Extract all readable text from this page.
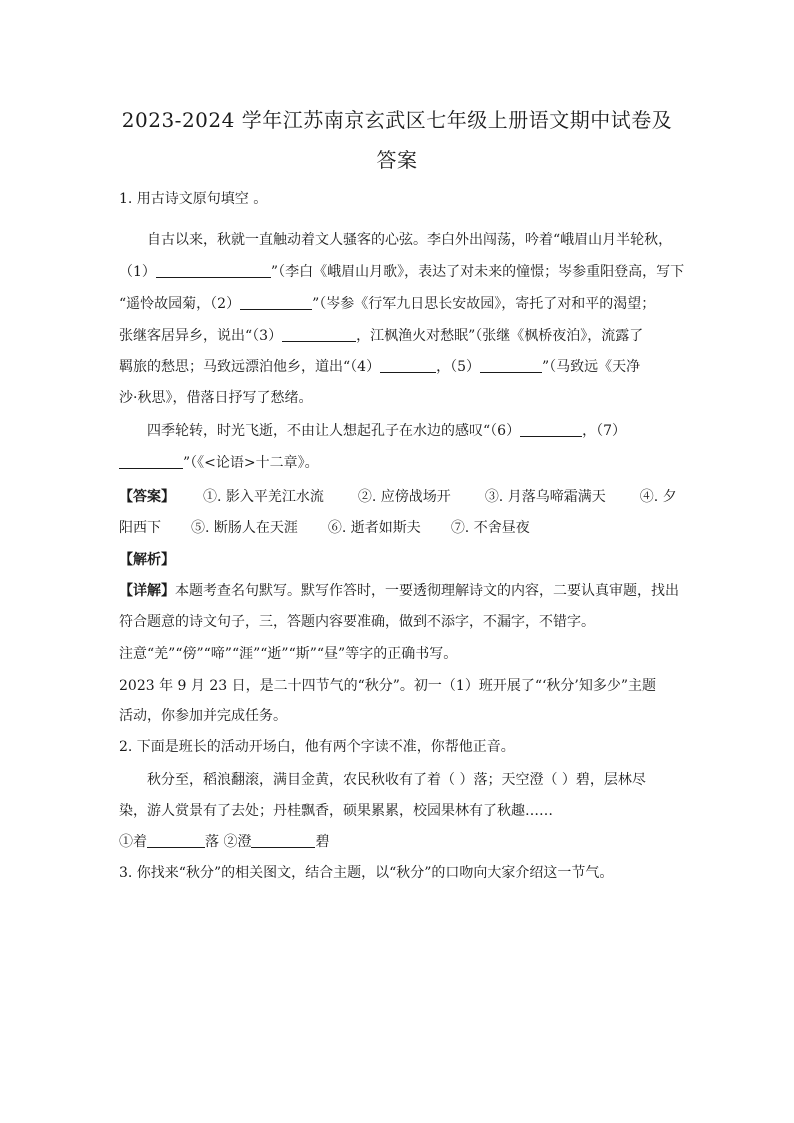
2023-2024 学年江苏南京玄武区七年级上册语文期中试卷及
答案
1. 用古诗文原句填空 。
自古以来，秋就一直触动着文人骚客的心弦。李白外出闯荡，吟着“峨眉山月半轮秋，
（1）	”（李白《峨眉山月歌》，表达了对未来的憧憬；岑参重阳登高，写下
“遥怜故园菊，（2）	”（岑参《行军九日思长安故园》，寄托了对和平的渴望；
张继客居异乡，说出“（3）	，江枫渔火对愁眠”（张继《枫桥夜泊》，流露了
羁旅的愁思；马致远漂泊他乡，道出“（4）	，（5）	”（马致远《天净
沙·秋思》，借落日抒写了愁绪。
四季轮转，时光飞逝，不由让人想起孔子在水边的感叹“（6）	，（7）
”（《<论语>十二章》。
【答案】 ①. 影入平羌江水流 ②. 应傍战场开 ③. 月落乌啼霜满天 ④. 夕
阳西下 ⑤. 断肠人在天涯 ⑥. 逝者如斯夫 ⑦. 不舍昼夜
【解析】
【详解】本题考查名句默写。默写作答时，一要透彻理解诗文的内容，二要认真审题，找出
符合题意的诗文句子，三，答题内容要准确，做到不添字，不漏字，不错字。
注意“羌”“傍”“啼”“涯”“逝”“斯”“昼”等字的正确书写。
2023 年 9 月 23 日，是二十四节气的“秋分”。初一（1）班开展了“‘秋分’知多少”主题
活动，你参加并完成任务。
2. 下面是班长的活动开场白，他有两个字读不准，你帮他正音。
秋分至，稻浪翻滚，满目金黄，农民秋收有了着（ ）落；天空澄（ ）碧，层林尽
染，游人赏景有了去处；丹桂飘香，硕果累累，校园果林有了秋趣……
①着	落 ②澄	碧
3. 你找来“秋分”的相关图文，结合主题，以“秋分”的口吻向大家介绍这一节气。
